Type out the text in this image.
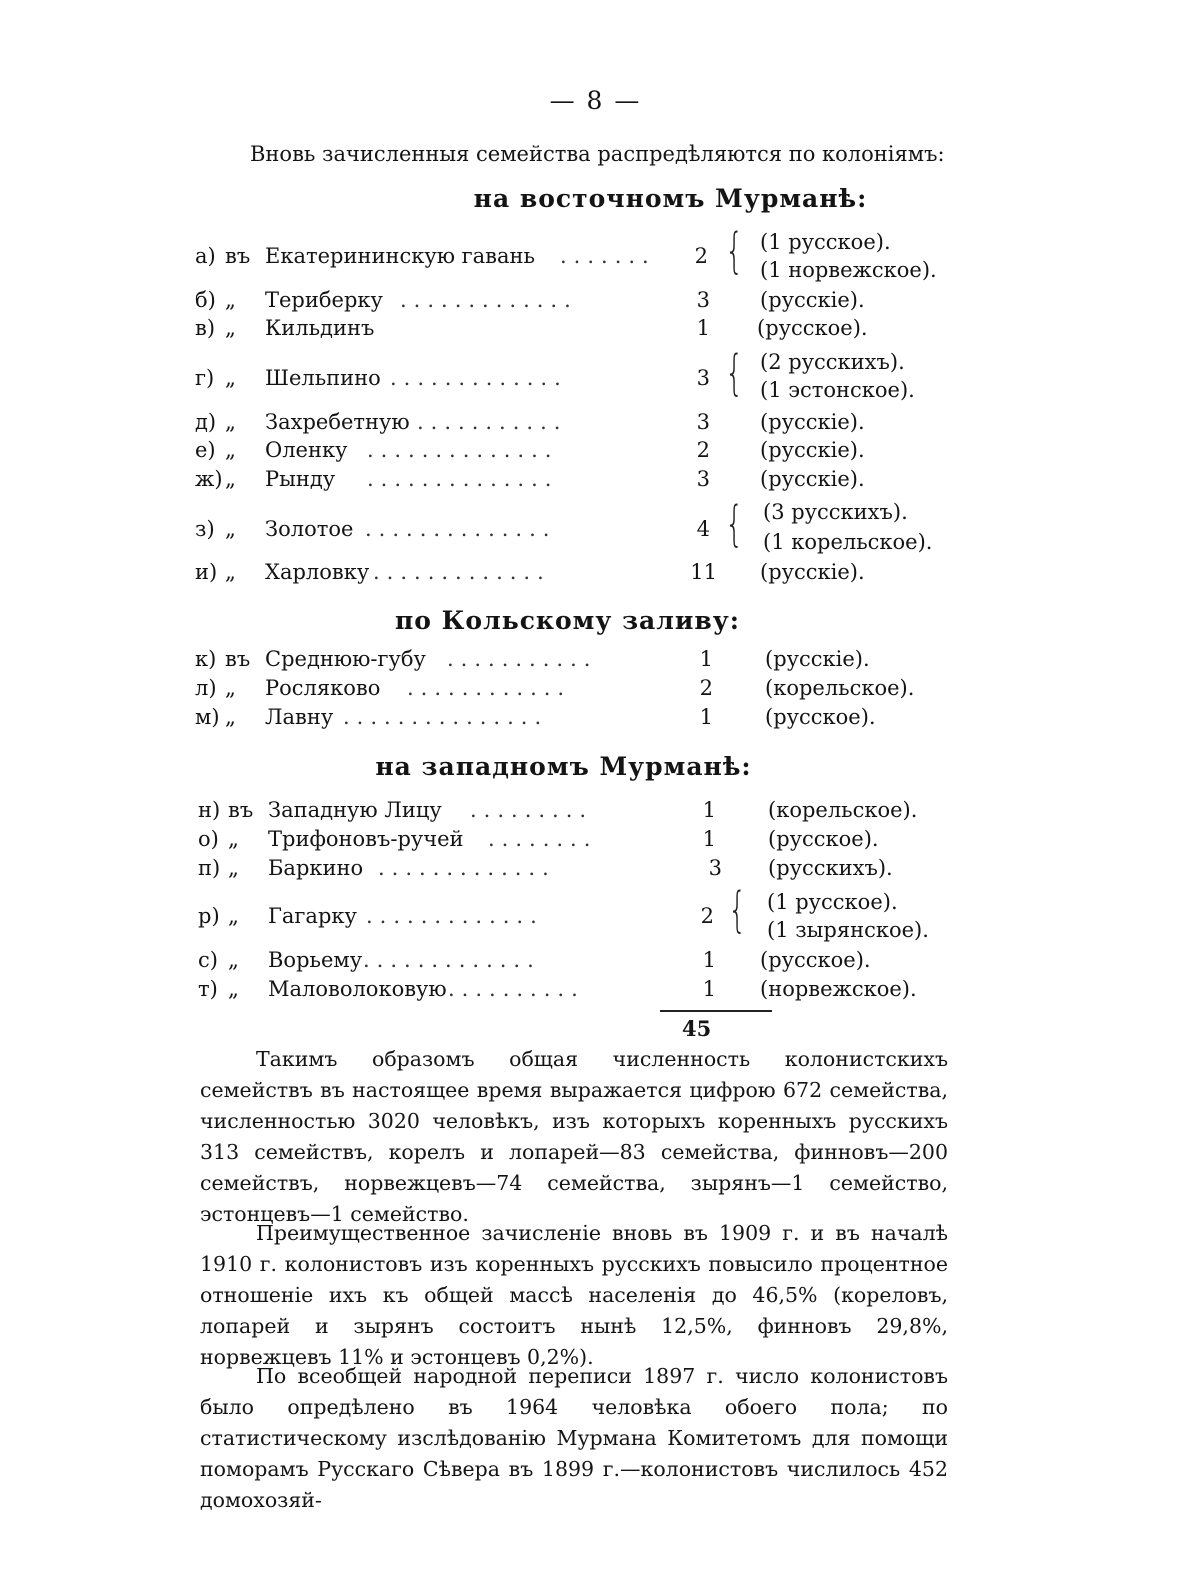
— 8 —
Вновь зачисленныя семейства распредѣляются по колоніямъ:
на восточномъ Мурманѣ:
а) въ Екатерининскую гавань .......	2 { (1 русское).
(1 норвежское).
б) „ Териберку .............	3 (русскіе).
в) „ Кильдинъ	1 (русское).
г) „ Шельпино .............	3 { (2 русскихъ).
(1 эстонское).
д) „ Захребетную ...........	3 (русскіе).
е) „ Оленку ..............	2 (русскіе).
ж) „ Рынду ..............	3 (русскіе).
з) „ Золотое ..............	4 { (3 русскихъ).
(1 корельское).
и) „ Харловку .............	11 (русскіе).
по Кольскому заливу:
к) въ Среднюю-губу ...........	1 (русскіе).
л) „ Росляково ............	2 (корельское).
м) „ Лавну ...............	1 (русское).
на западномъ Мурманѣ:
н) въ Западную Лицу .........	1 (корельское).
о) „ Трифоновъ-ручей ........	1 (русское).
п) „ Баркино .............	3 (русскихъ).
р) „ Гагарку .............	2 { (1 русское).
(1 зырянское).
с) „ Ворьему .............	1 (русское).
т) „ Маловолоковую ..........	1 (норвежское).
45
Такимъ образомъ общая численность колонистскихъ семействъ въ настоящее время выражается цифрою 672 семейства, численностью 3020 человѣкъ, изъ которыхъ коренныхъ русскихъ 313 семействъ, корелъ и лопарей—83 семейства, финновъ—200 семействъ, норвежцевъ—74 семейства, зырянъ—1 семейство, эстонцевъ—1 семейство.
Преимущественное зачисленіе вновь въ 1909 г. и въ началѣ 1910 г. колонистовъ изъ коренныхъ русскихъ повысило процентное отношеніе ихъ къ общей массѣ населенія до 46,5% (кореловъ, лопарей и зырянъ состоитъ нынѣ 12,5%, финновъ 29,8%, норвежцевъ 11% и эстонцевъ 0,2%).
По всеобщей народной переписи 1897 г. число колонистовъ было опредѣлено въ 1964 человѣка обоего пола; по статистическому изслѣдованію Мурмана Комитетомъ для помощи поморамъ Русскаго Сѣвера въ 1899 г.—колонистовъ числилось 452 домохозяй-
